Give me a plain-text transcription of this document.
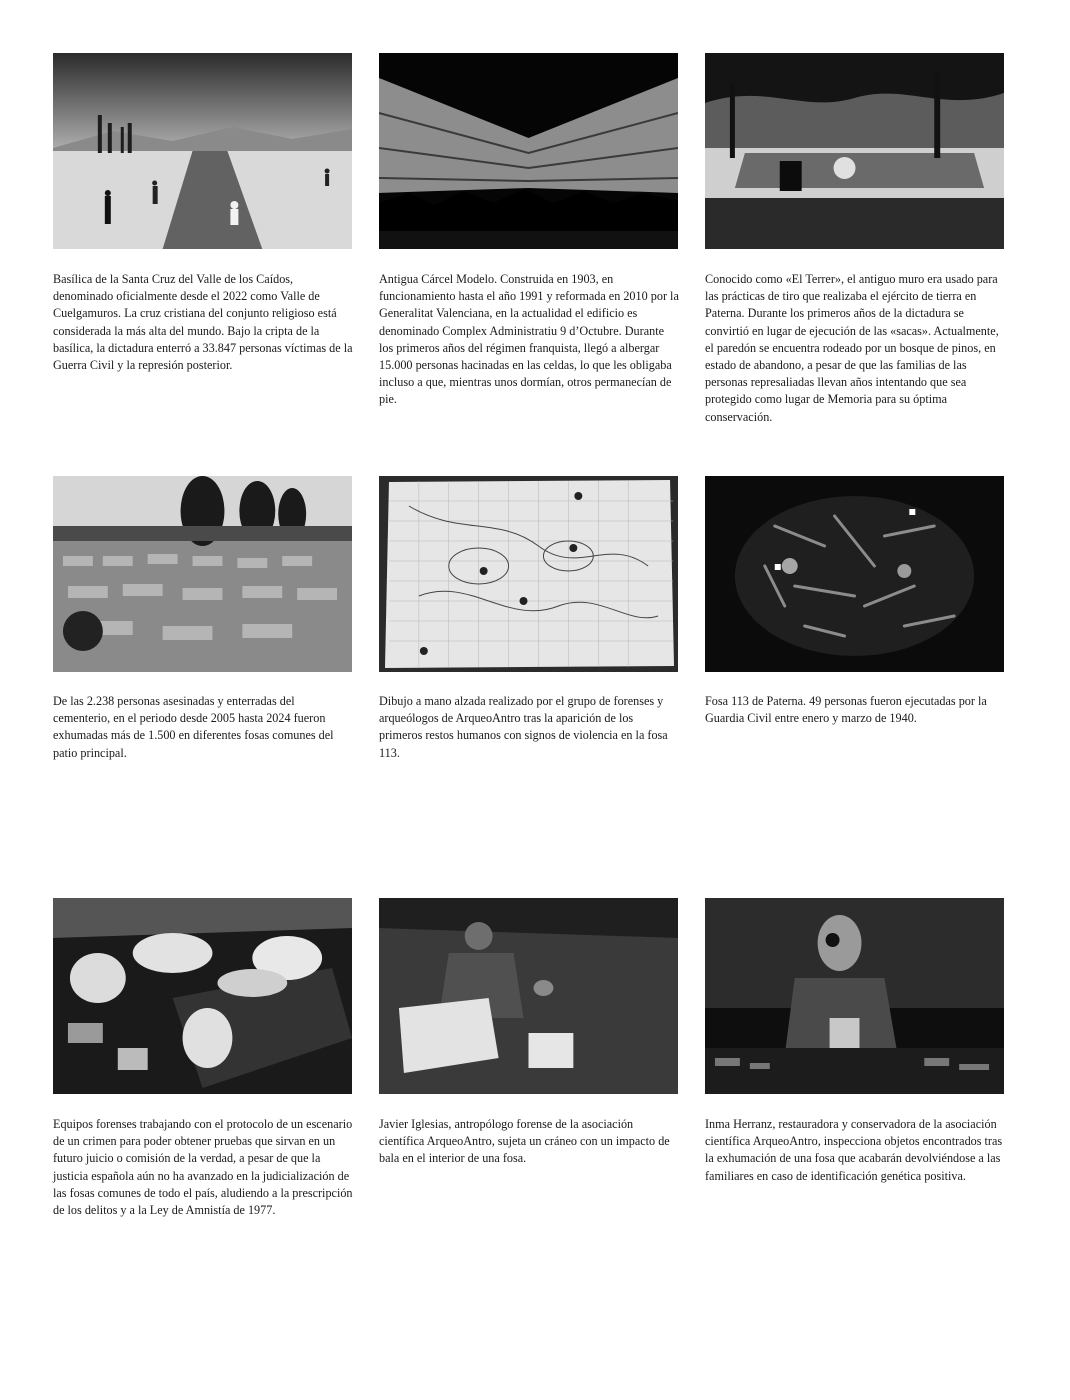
Basílica de la Santa Cruz del Valle de los Caídos, denominado oficialmente desde el 2022 como Valle de Cuelgamuros. La cruz cristiana del conjunto religioso está considerada la más alta del mundo. Bajo la cripta de la basílica, la dictadura enterró a 33.847 personas víctimas de la Guerra Civil y la represión posterior.

Antigua Cárcel Modelo. Construida en 1903, en funcionamiento hasta el año 1991 y reformada en 2010 por la Generalitat Valenciana, en la actualidad el edificio es denominado Complex Administratiu 9 d’Octubre. Durante los primeros años del régimen franquista, llegó a albergar 15.000 personas hacinadas en las celdas, lo que les obligaba incluso a que, mientras unos dormían, otros permanecían de pie.

Conocido como «El Terrer», el antiguo muro era usado para las prácticas de tiro que realizaba el ejército de tierra en Paterna. Durante los primeros años de la dictadura se convirtió en lugar de ejecución de las «sacas». Actualmente, el paredón se encuentra rodeado por un bosque de pinos, en estado de abandono, a pesar de que las familias de las personas represaliadas llevan años intentando que sea protegido como lugar de Memoria para su óptima conservación.

De las 2.238 personas asesinadas y enterradas del cementerio, en el periodo desde 2005 hasta 2024 fueron exhumadas más de 1.500 en diferentes fosas comunes del patio principal.

Dibujo a mano alzada realizado por el grupo de forenses y arqueólogos de ArqueoAntro tras la aparición de los primeros restos humanos con signos de violencia en la fosa 113.

Fosa 113 de Paterna. 49 personas fueron ejecutadas por la Guardia Civil entre enero y marzo de 1940.

Equipos forenses trabajando con el protocolo de un escenario de un crimen para poder obtener pruebas que sirvan en un futuro juicio o comisión de la verdad, a pesar de que la justicia española aún no ha avanzado en la judicialización de las fosas comunes de todo el país, aludiendo a la prescripción de los delitos y a la Ley de Amnistía de 1977.

Javier Iglesias, antropólogo forense de la asociación científica ArqueoAntro, sujeta un cráneo con un impacto de bala en el interior de una fosa.

Inma Herranz, restauradora y conservadora de la asociación científica ArqueoAntro, inspecciona objetos encontrados tras la exhumación de una fosa que acabarán devolviéndose a las familiares en caso de identificación genética positiva.
